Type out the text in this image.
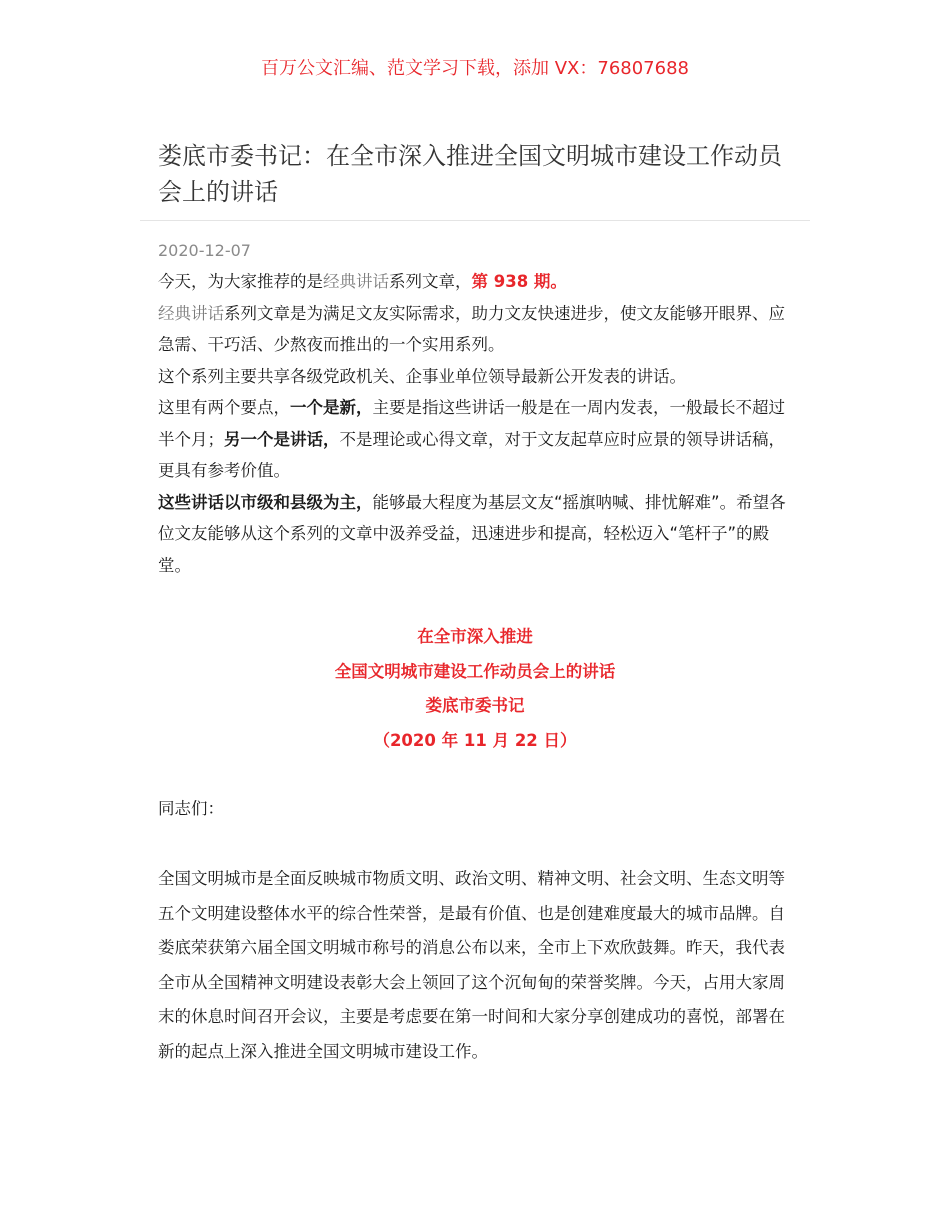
百万公文汇编、范文学习下载，添加 VX：76807688
娄底市委书记：在全市深入推进全国文明城市建设工作动员会上的讲话
2020-12-07

今天，为大家推荐的是经典讲话系列文章，第 938 期。

经典讲话系列文章是为满足文友实际需求，助力文友快速进步，使文友能够开眼界、应急需、干巧活、少熬夜而推出的一个实用系列。

这个系列主要共享各级党政机关、企事业单位领导最新公开发表的讲话。

这里有两个要点，一个是新，主要是指这些讲话一般是在一周内发表，一般最长不超过半个月；另一个是讲话，不是理论或心得文章，对于文友起草应时应景的领导讲话稿，更具有参考价值。

这些讲话以市级和县级为主，能够最大程度为基层文友“摇旗呐喊、排忧解难”。希望各位文友能够从这个系列的文章中汲养受益，迅速进步和提高，轻松迈入“笔杆子”的殿堂。

在全市深入推进
全国文明城市建设工作动员会上的讲话
娄底市委书记
（2020 年 11 月 22 日）
同志们：

全国文明城市是全面反映城市物质文明、政治文明、精神文明、社会文明、生态文明等五个文明建设整体水平的综合性荣誉，是最有价值、也是创建难度最大的城市品牌。自娄底荣获第六届全国文明城市称号的消息公布以来，全市上下欢欣鼓舞。昨天，我代表全市从全国精神文明建设表彰大会上领回了这个沉甸甸的荣誉奖牌。今天，占用大家周末的休息时间召开会议，主要是考虑要在第一时间和大家分享创建成功的喜悦，部署在新的起点上深入推进全国文明城市建设工作。
